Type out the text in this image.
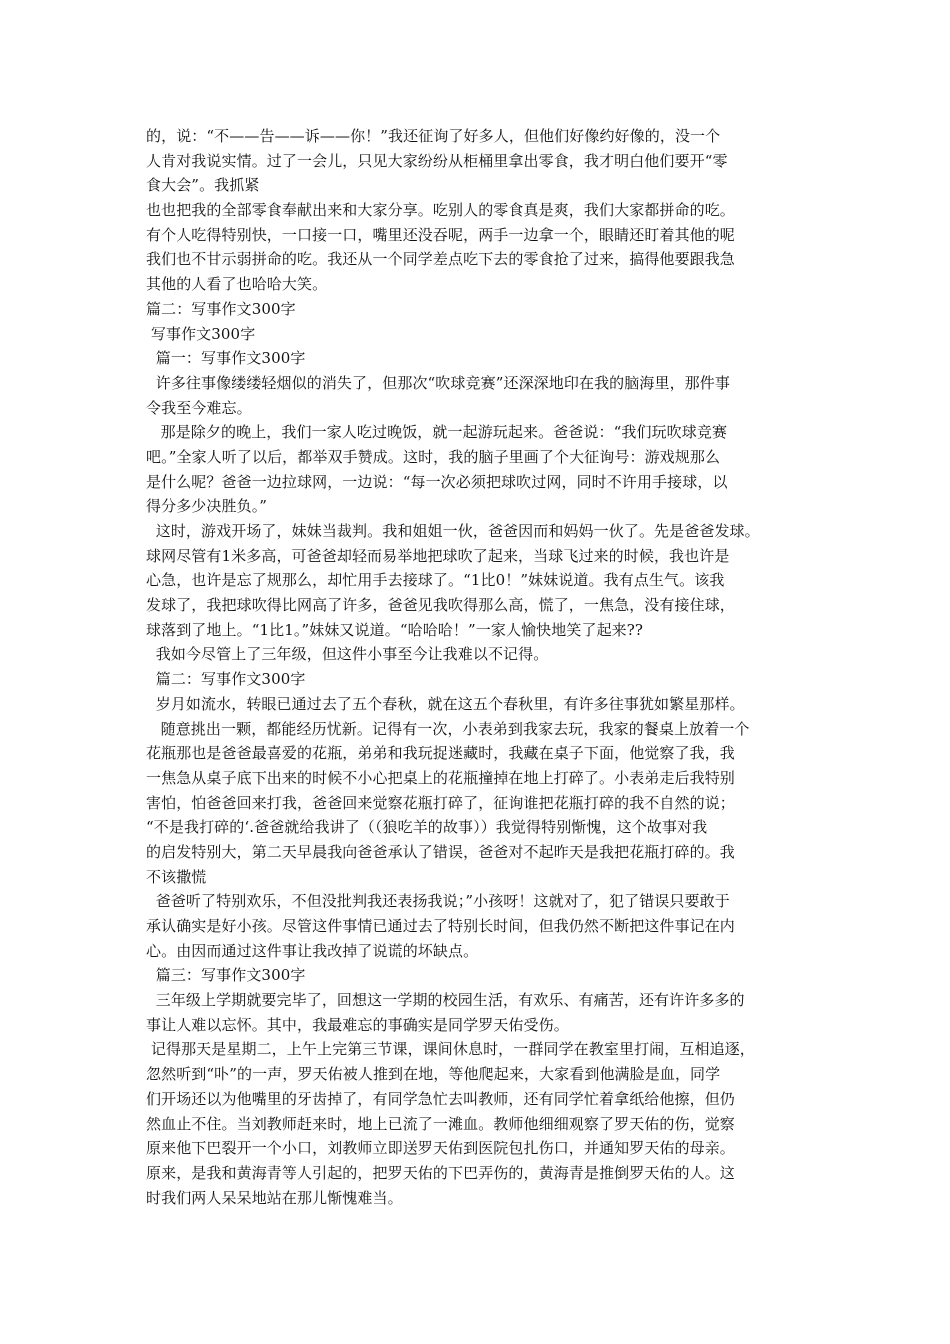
的，说：“不——告——诉——你！”我还征询了好多人，但他们好像约好像的，没一个
人肯对我说实情。过了一会儿，只见大家纷纷从柜桶里拿出零食，我才明白他们要开“零
食大会”。我抓紧
也也把我的全部零食奉献出来和大家分享。吃别人的零食真是爽，我们大家都拼命的吃。
有个人吃得特别快，一口接一口，嘴里还没吞呢，两手一边拿一个，眼睛还盯着其他的呢
我们也不甘示弱拼命的吃。我还从一个同学差点吃下去的零食抢了过来，搞得他要跟我急
其他的人看了也哈哈大笑。
篇二：写事作文300字
写事作文300字
篇一：写事作文300字
许多往事像缕缕轻烟似的消失了，但那次“吹球竞赛”还深深地印在我的脑海里，那件事
令我至今难忘。
那是除夕的晚上，我们一家人吃过晚饭，就一起游玩起来。爸爸说：“我们玩吹球竞赛
吧。”全家人听了以后，都举双手赞成。这时，我的脑子里画了个大征询号：游戏规那么
是什么呢？爸爸一边拉球网，一边说：“每一次必须把球吹过网，同时不许用手接球，以
得分多少决胜负。”
这时，游戏开场了，妹妹当裁判。我和姐姐一伙，爸爸因而和妈妈一伙了。先是爸爸发球。
球网尽管有1米多高，可爸爸却轻而易举地把球吹了起来，当球飞过来的时候，我也许是
心急，也许是忘了规那么，却忙用手去接球了。“1比0！”妹妹说道。我有点生气。该我
发球了，我把球吹得比网高了许多，爸爸见我吹得那么高，慌了，一焦急，没有接住球，
球落到了地上。“1比1。”妹妹又说道。“哈哈哈！”一家人愉快地笑了起来??
我如今尽管上了三年级，但这件小事至今让我难以不记得。
篇二：写事作文300字
岁月如流水，转眼已通过去了五个春秋，就在这五个春秋里，有许多往事犹如繁星那样。
随意挑出一颗，都能经历忧新。记得有一次，小表弟到我家去玩，我家的餐桌上放着一个
花瓶那也是爸爸最喜爱的花瓶，弟弟和我玩捉迷藏时，我藏在桌子下面，他觉察了我，我
一焦急从桌子底下出来的时候不小心把桌上的花瓶撞掉在地上打碎了。小表弟走后我特别
害怕，怕爸爸回来打我，爸爸回来觉察花瓶打碎了，征询谁把花瓶打碎的我不自然的说；
“不是我打碎的‘.爸爸就给我讲了（（狼吃羊的故事））我觉得特别惭愧，这个故事对我
的启发特别大，第二天早晨我向爸爸承认了错误，爸爸对不起昨天是我把花瓶打碎的。我
不该撒慌
爸爸听了特别欢乐，不但没批判我还表扬我说；”小孩呀！这就对了，犯了错误只要敢于
承认确实是好小孩。尽管这件事情已通过去了特别长时间，但我仍然不断把这件事记在内
心。由因而通过这件事让我改掉了说谎的坏缺点。
篇三：写事作文300字
三年级上学期就要完毕了，回想这一学期的校园生活，有欢乐、有痛苦，还有许许多多的
事让人难以忘怀。其中，我最难忘的事确实是同学罗天佑受伤。
记得那天是星期二，上午上完第三节课，课间休息时，一群同学在教室里打闹，互相追逐，
忽然听到“卟”的一声，罗天佑被人推到在地，等他爬起来，大家看到他满脸是血，同学
们开场还以为他嘴里的牙齿掉了，有同学急忙去叫教师，还有同学忙着拿纸给他擦，但仍
然血止不住。当刘教师赶来时，地上已流了一滩血。教师他细细观察了罗天佑的伤，觉察
原来他下巴裂开一个小口，刘教师立即送罗天佑到医院包扎伤口，并通知罗天佑的母亲。
原来，是我和黄海青等人引起的，把罗天佑的下巴弄伤的，黄海青是推倒罗天佑的人。这
时我们两人呆呆地站在那儿惭愧难当。
